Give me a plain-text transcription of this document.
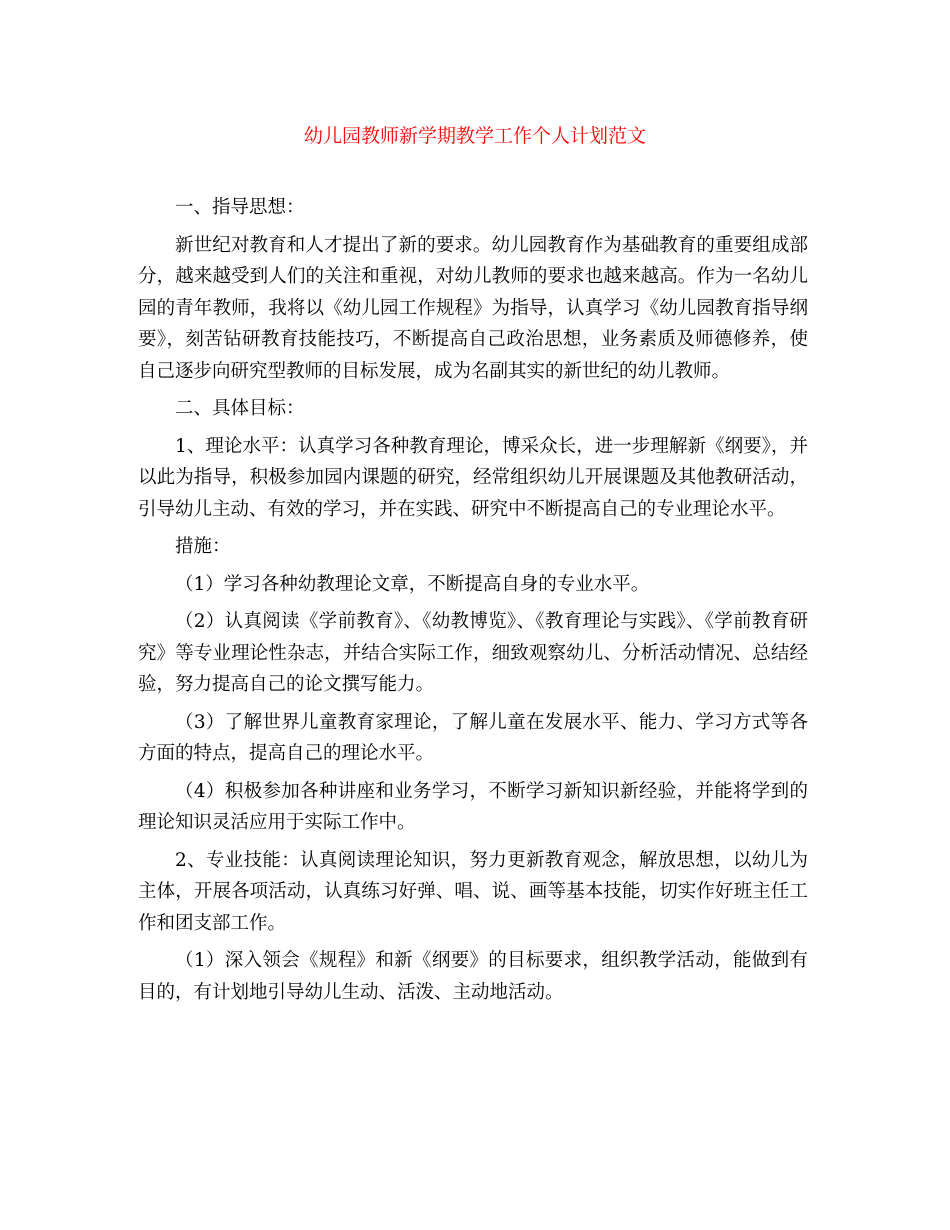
幼儿园教师新学期教学工作个人计划范文

一、指导思想：

新世纪对教育和人才提出了新的要求。幼儿园教育作为基础教育的重要组成部分，越来越受到人们的关注和重视，对幼儿教师的要求也越来越高。作为一名幼儿园的青年教师，我将以《幼儿园工作规程》为指导，认真学习《幼儿园教育指导纲要》，刻苦钻研教育技能技巧，不断提高自己政治思想，业务素质及师德修养，使自己逐步向研究型教师的目标发展，成为名副其实的新世纪的幼儿教师。

二、具体目标：

1、理论水平：认真学习各种教育理论，博采众长，进一步理解新《纲要》，并以此为指导，积极参加园内课题的研究，经常组织幼儿开展课题及其他教研活动，引导幼儿主动、有效的学习，并在实践、研究中不断提高自己的专业理论水平。

措施：

（1）学习各种幼教理论文章，不断提高自身的专业水平。

（2）认真阅读《学前教育》、《幼教博览》、《教育理论与实践》、《学前教育研究》等专业理论性杂志，并结合实际工作，细致观察幼儿、分析活动情况、总结经验，努力提高自己的论文撰写能力。

（3）了解世界儿童教育家理论，了解儿童在发展水平、能力、学习方式等各方面的特点，提高自己的理论水平。

（4）积极参加各种讲座和业务学习，不断学习新知识新经验，并能将学到的理论知识灵活应用于实际工作中。

2、专业技能：认真阅读理论知识，努力更新教育观念，解放思想，以幼儿为主体，开展各项活动，认真练习好弹、唱、说、画等基本技能，切实作好班主任工作和团支部工作。

（1）深入领会《规程》和新《纲要》的目标要求，组织教学活动，能做到有目的，有计划地引导幼儿生动、活泼、主动地活动。
